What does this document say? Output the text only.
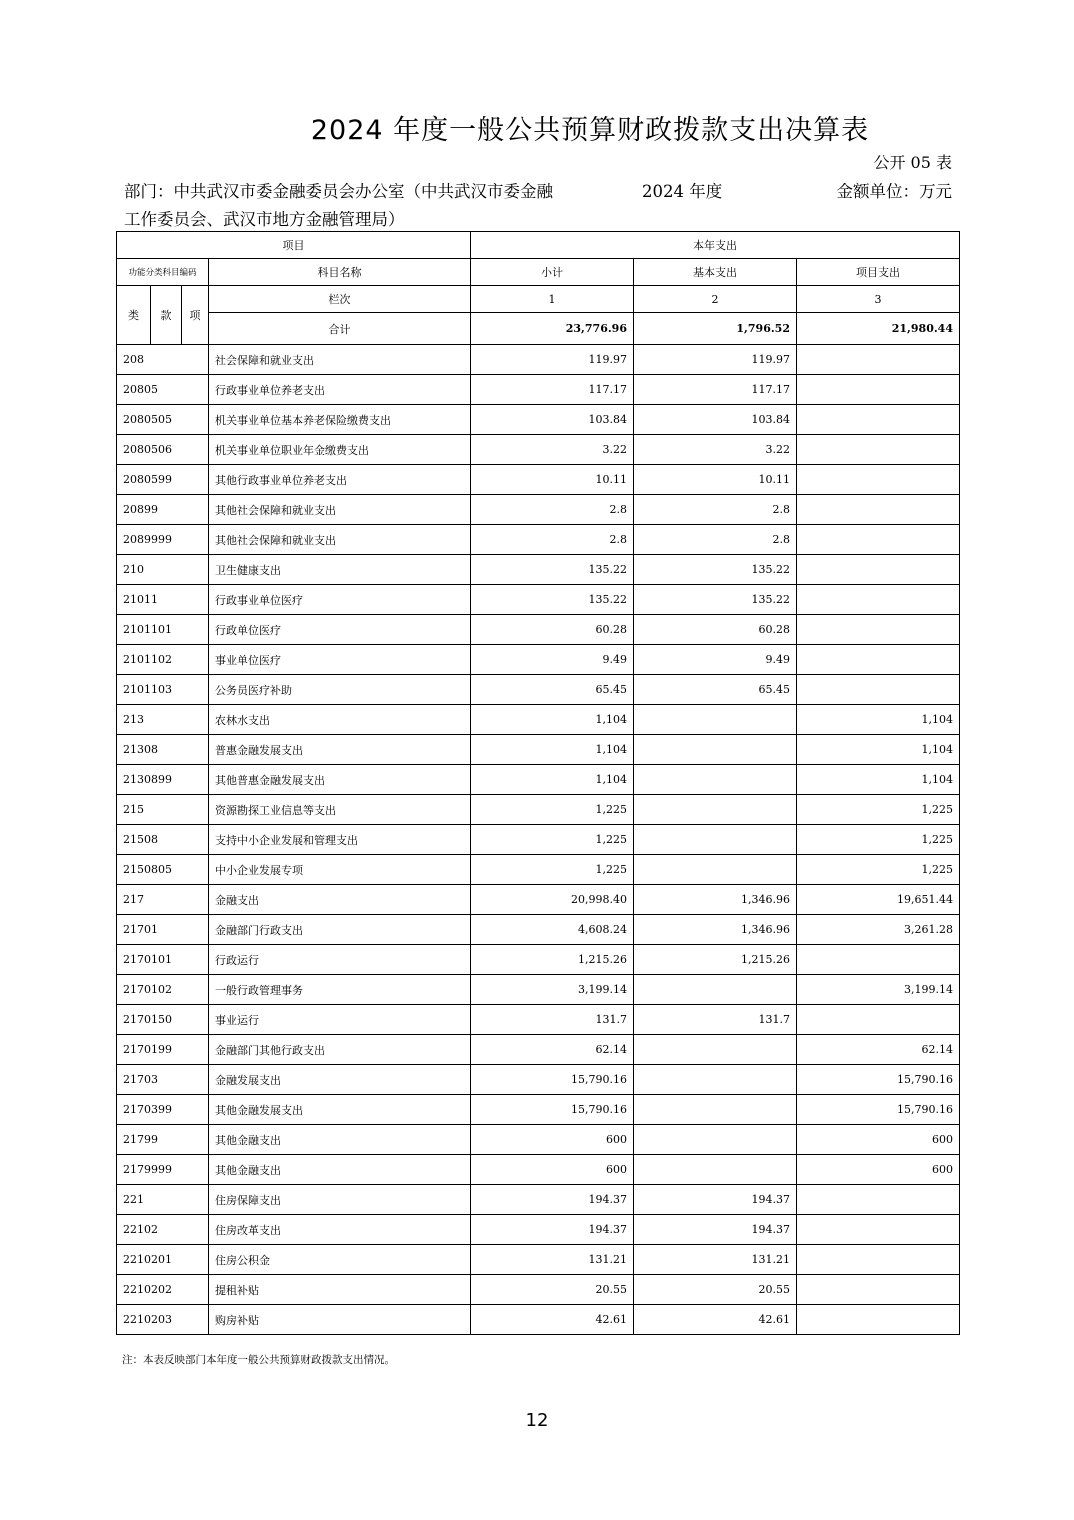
2024 年度一般公共预算财政拨款支出决算表
公开 05 表
部门：中共武汉市委金融委员会办公室（中共武汉市委金融工作委员会、武汉市地方金融管理局）
2024 年度	金额单位：万元
项目				本年支出		
功能分类科目编码			科目名称	小计	基本支出	项目支出
类	款	项	栏次	1	2	3
			合计	23,776.96	1,796.52	21,980.44
208			社会保障和就业支出	119.97	119.97	
20805			行政事业单位养老支出	117.17	117.17	
2080505			机关事业单位基本养老保险缴费支出	103.84	103.84	
2080506			机关事业单位职业年金缴费支出	3.22	3.22	
2080599			其他行政事业单位养老支出	10.11	10.11	
20899			其他社会保障和就业支出	2.8	2.8	
2089999			其他社会保障和就业支出	2.8	2.8	
210			卫生健康支出	135.22	135.22	
21011			行政事业单位医疗	135.22	135.22	
2101101			行政单位医疗	60.28	60.28	
2101102			事业单位医疗	9.49	9.49	
2101103			公务员医疗补助	65.45	65.45	
213			农林水支出	1,104		1,104
21308			普惠金融发展支出	1,104		1,104
2130899			其他普惠金融发展支出	1,104		1,104
215			资源勘探工业信息等支出	1,225		1,225
21508			支持中小企业发展和管理支出	1,225		1,225
2150805			中小企业发展专项	1,225		1,225
217			金融支出	20,998.40	1,346.96	19,651.44
21701			金融部门行政支出	4,608.24	1,346.96	3,261.28
2170101			行政运行	1,215.26	1,215.26	
2170102			一般行政管理事务	3,199.14		3,199.14
2170150			事业运行	131.7	131.7	
2170199			金融部门其他行政支出	62.14		62.14
21703			金融发展支出	15,790.16		15,790.16
2170399			其他金融发展支出	15,790.16		15,790.16
21799			其他金融支出	600		600
2179999			其他金融支出	600		600
221			住房保障支出	194.37	194.37	
22102			住房改革支出	194.37	194.37	
2210201			住房公积金	131.21	131.21	
2210202			提租补贴	20.55	20.55	
2210203			购房补贴	42.61	42.61	
注：本表反映部门本年度一般公共预算财政拨款支出情况。
12
